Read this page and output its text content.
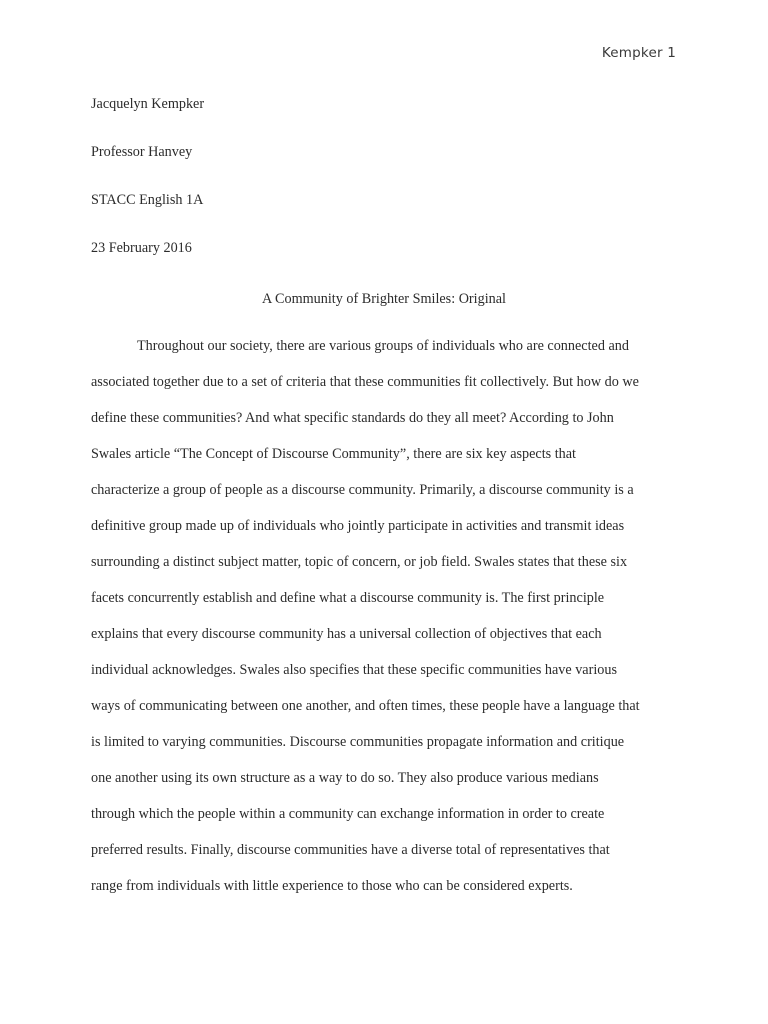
Kempker 1
Jacquelyn Kempker
Professor Hanvey
STACC English 1A
23 February 2016
A Community of Brighter Smiles: Original
Throughout our society, there are various groups of individuals who are connected and
associated together due to a set of criteria that these communities fit collectively. But how do we
define these communities? And what specific standards do they all meet? According to John
Swales article “The Concept of Discourse Community”, there are six key aspects that
characterize a group of people as a discourse community. Primarily, a discourse community is a
definitive group made up of individuals who jointly participate in activities and transmit ideas
surrounding a distinct subject matter, topic of concern, or job field. Swales states that these six
facets concurrently establish and define what a discourse community is. The first principle
explains that every discourse community has a universal collection of objectives that each
individual acknowledges. Swales also specifies that these specific communities have various
ways of communicating between one another, and often times, these people have a language that
is limited to varying communities. Discourse communities propagate information and critique
one another using its own structure as a way to do so. They also produce various medians
through which the people within a community can exchange information in order to create
preferred results. Finally, discourse communities have a diverse total of representatives that
range from individuals with little experience to those who can be considered experts.
